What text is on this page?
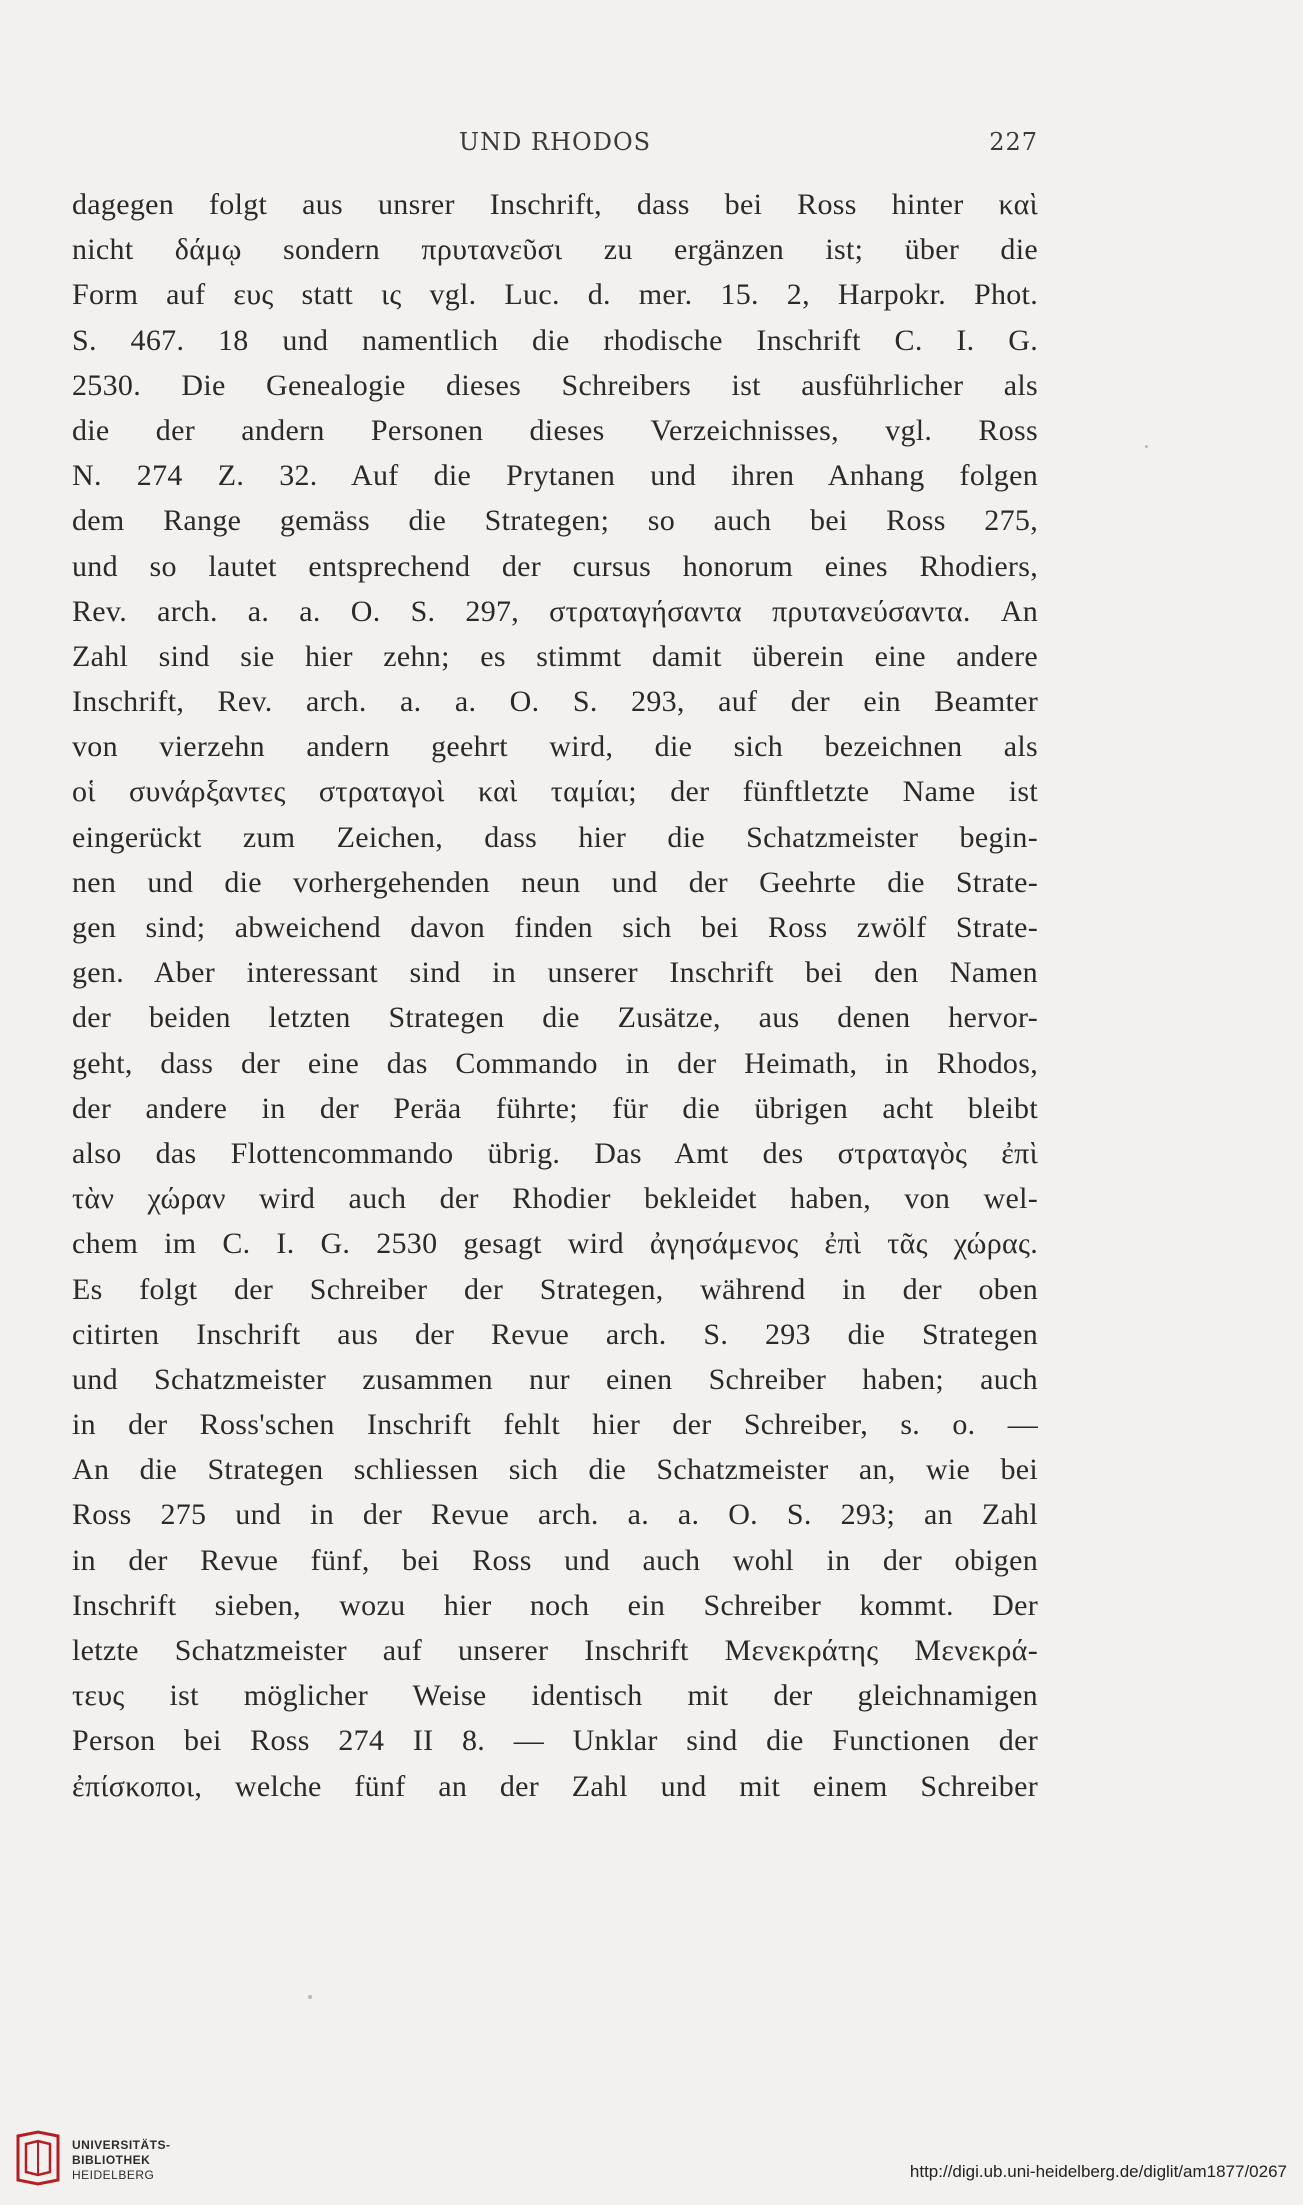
UND RHODOS	227
dagegen folgt aus unsrer Inschrift, dass bei Ross hinter καὶ
nicht δάμῳ sondern πρυτανεῦσι zu ergänzen ist; über die
Form auf ευς statt ις vgl. Luc. d. mer. 15. 2, Harpokr. Phot.
S. 467. 18 und namentlich die rhodische Inschrift C. I. G.
2530. Die Genealogie dieses Schreibers ist ausführlicher als
die der andern Personen dieses Verzeichnisses, vgl. Ross
N. 274 Z. 32. Auf die Prytanen und ihren Anhang folgen
dem Range gemäss die Strategen; so auch bei Ross 275,
und so lautet entsprechend der cursus honorum eines Rhodiers,
Rev. arch. a. a. O. S. 297, στραταγήσαντα πρυτανεύσαντα. An
Zahl sind sie hier zehn; es stimmt damit überein eine andere
Inschrift, Rev. arch. a. a. O. S. 293, auf der ein Beamter
von vierzehn andern geehrt wird, die sich bezeichnen als
οἱ συνάρξαντες στραταγοὶ καὶ ταμίαι; der fünftletzte Name ist
eingerückt zum Zeichen, dass hier die Schatzmeister begin-
nen und die vorhergehenden neun und der Geehrte die Strate-
gen sind; abweichend davon finden sich bei Ross zwölf Strate-
gen. Aber interessant sind in unserer Inschrift bei den Namen
der beiden letzten Strategen die Zusätze, aus denen hervor-
geht, dass der eine das Commando in der Heimath, in Rhodos,
der andere in der Peräa führte; für die übrigen acht bleibt
also das Flottencommando übrig. Das Amt des στραταγὸς ἐπὶ
τὰν χώραν wird auch der Rhodier bekleidet haben, von wel-
chem im C. I. G. 2530 gesagt wird ἀγησάμενος ἐπὶ τᾶς χώρας.
Es folgt der Schreiber der Strategen, während in der oben
citirten Inschrift aus der Revue arch. S. 293 die Strategen
und Schatzmeister zusammen nur einen Schreiber haben; auch
in der Ross'schen Inschrift fehlt hier der Schreiber, s. o. —
An die Strategen schliessen sich die Schatzmeister an, wie bei
Ross 275 und in der Revue arch. a. a. O. S. 293; an Zahl
in der Revue fünf, bei Ross und auch wohl in der obigen
Inschrift sieben, wozu hier noch ein Schreiber kommt. Der
letzte Schatzmeister auf unserer Inschrift Μενεκράτης Μενεκρά-
τευς ist möglicher Weise identisch mit der gleichnamigen
Person bei Ross 274 II 8. — Unklar sind die Functionen der
ἐπίσκοποι, welche fünf an der Zahl und mit einem Schreiber
UNIVERSITÄTS-
BIBLIOTHEK
HEIDELBERG	http://digi.ub.uni-heidelberg.de/diglit/am1877/0267
